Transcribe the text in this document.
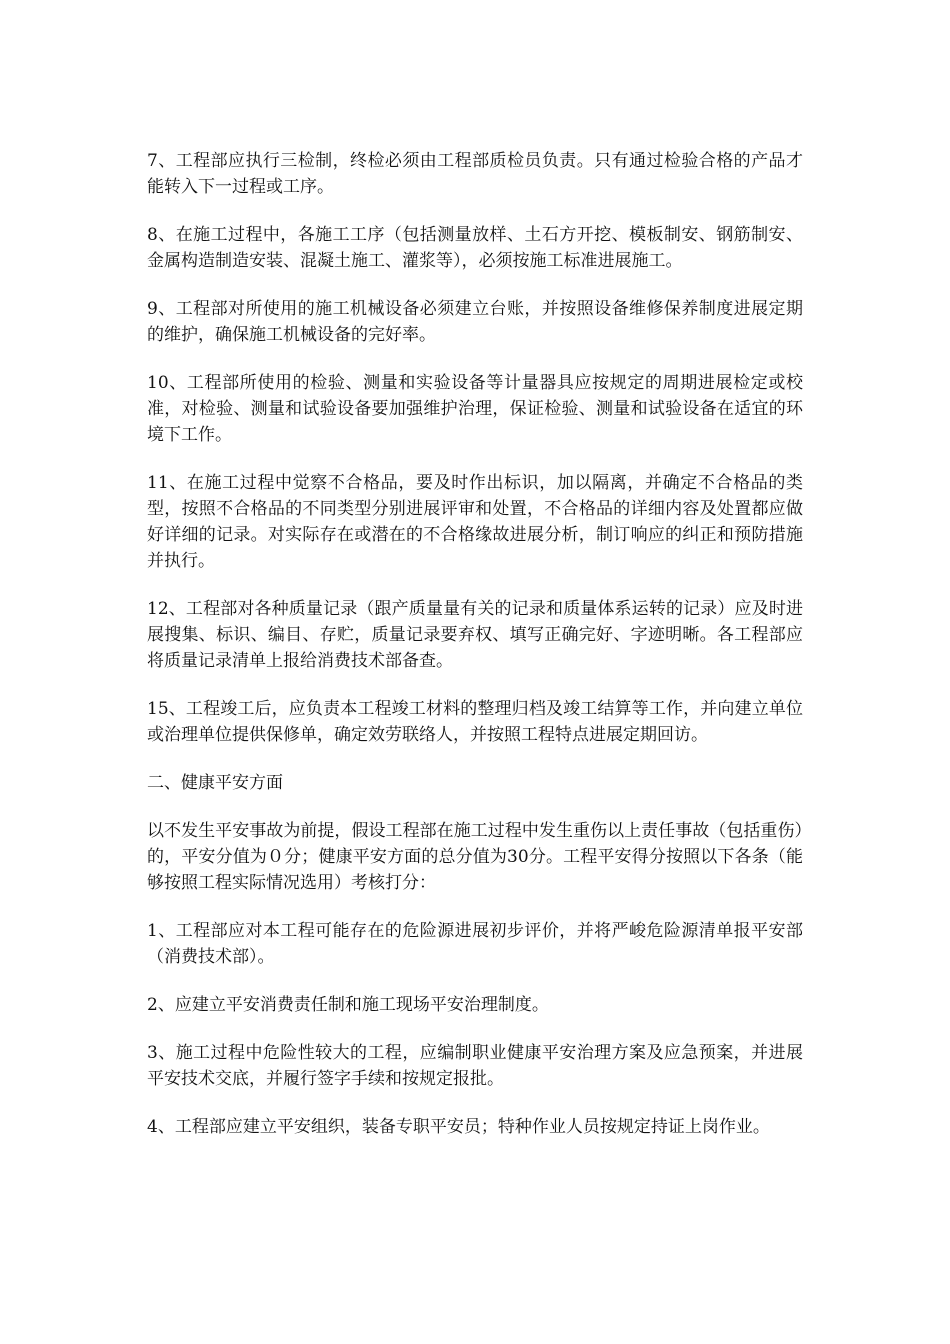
7、工程部应执行三检制，终检必须由工程部质检员负责。只有通过检验合格的产品才能转入下一过程或工序。

8、在施工过程中，各施工工序（包括测量放样、土石方开挖、模板制安、钢筋制安、金属构造制造安装、混凝土施工、灌浆等），必须按施工标准进展施工。

9、工程部对所使用的施工机械设备必须建立台账，并按照设备维修保养制度进展定期的维护，确保施工机械设备的完好率。

10、工程部所使用的检验、测量和实验设备等计量器具应按规定的周期进展检定或校准，对检验、测量和试验设备要加强维护治理，保证检验、测量和试验设备在适宜的环境下工作。

11、在施工过程中觉察不合格品，要及时作出标识，加以隔离，并确定不合格品的类型，按照不合格品的不同类型分别进展评审和处置，不合格品的详细内容及处置都应做好详细的记录。对实际存在或潜在的不合格缘故进展分析，制订响应的纠正和预防措施并执行。

12、工程部对各种质量记录（跟产质量量有关的记录和质量体系运转的记录）应及时进展搜集、标识、编目、存贮，质量记录要弃权、填写正确完好、字迹明晰。各工程部应将质量记录清单上报给消费技术部备查。

15、工程竣工后，应负责本工程竣工材料的整理归档及竣工结算等工作，并向建立单位或治理单位提供保修单，确定效劳联络人，并按照工程特点进展定期回访。

二、健康平安方面

以不发生平安事故为前提，假设工程部在施工过程中发生重伤以上责任事故（包括重伤）的，平安分值为０分；健康平安方面的总分值为30分。工程平安得分按照以下各条（能够按照工程实际情况选用）考核打分：

1、工程部应对本工程可能存在的危险源进展初步评价，并将严峻危险源清单报平安部（消费技术部）。

2、应建立平安消费责任制和施工现场平安治理制度。

3、施工过程中危险性较大的工程，应编制职业健康平安治理方案及应急预案，并进展平安技术交底，并履行签字手续和按规定报批。

4、工程部应建立平安组织，装备专职平安员；特种作业人员按规定持证上岗作业。
